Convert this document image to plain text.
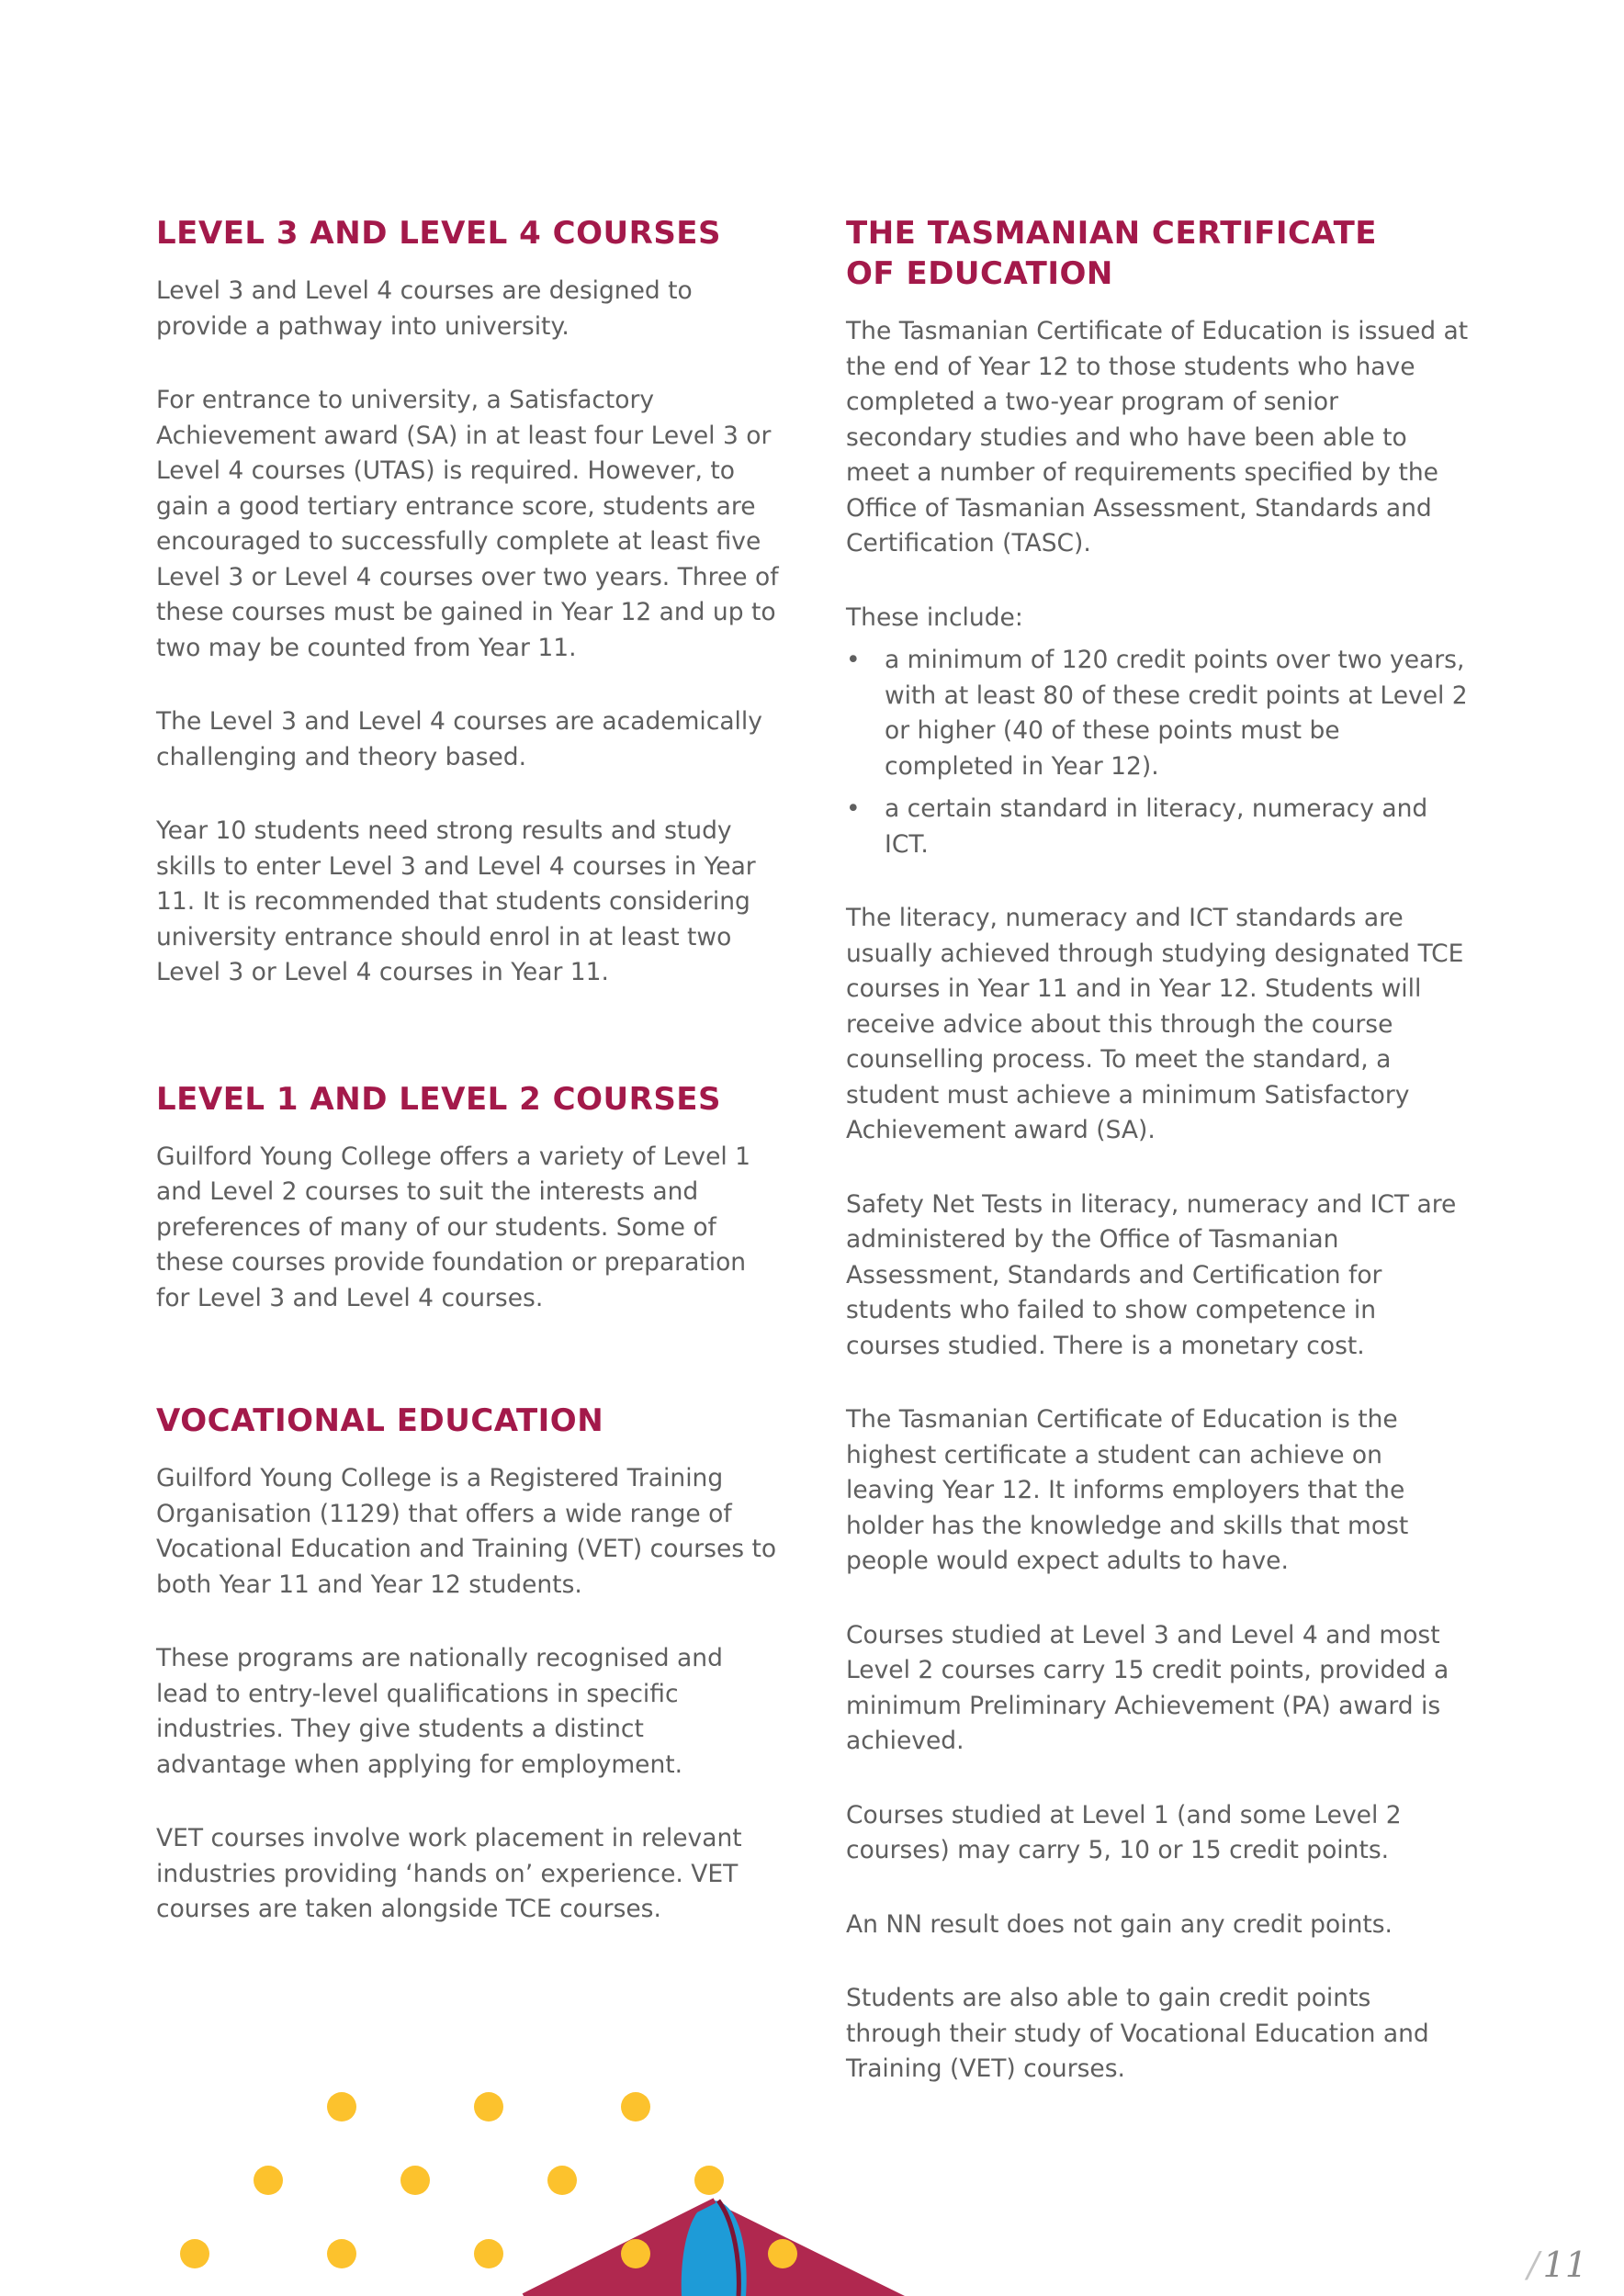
LEVEL 3 AND LEVEL 4 COURSES

Level 3 and Level 4 courses are designed to provide a pathway into university.

For entrance to university, a Satisfactory Achievement award (SA) in at least four Level 3 or Level 4 courses (UTAS) is required. However, to gain a good tertiary entrance score, students are encouraged to successfully complete at least five Level 3 or Level 4 courses over two years. Three of these courses must be gained in Year 12 and up to two may be counted from Year 11.

The Level 3 and Level 4 courses are academically challenging and theory based.

Year 10 students need strong results and study skills to enter Level 3 and Level 4 courses in Year 11. It is recommended that students considering university entrance should enrol in at least two Level 3 or Level 4 courses in Year 11.

LEVEL 1 AND LEVEL 2 COURSES

Guilford Young College offers a variety of Level 1 and Level 2 courses to suit the interests and preferences of many of our students. Some of these courses provide foundation or preparation for Level 3 and Level 4 courses.

VOCATIONAL EDUCATION

Guilford Young College is a Registered Training Organisation (1129) that offers a wide range of Vocational Education and Training (VET) courses to both Year 11 and Year 12 students.

These programs are nationally recognised and lead to entry-level qualifications in specific industries. They give students a distinct advantage when applying for employment.

VET courses involve work placement in relevant industries providing ‘hands on’ experience. VET courses are taken alongside TCE courses.

THE TASMANIAN CERTIFICATE
OF EDUCATION

The Tasmanian Certificate of Education is issued at the end of Year 12 to those students who have completed a two-year program of senior secondary studies and who have been able to meet a number of requirements specified by the Office of Tasmanian Assessment, Standards and Certification (TASC).

These include:

• a minimum of 120 credit points over two years, with at least 80 of these credit points at Level 2 or higher (40 of these points must be completed in Year 12).
• a certain standard in literacy, numeracy and ICT.

The literacy, numeracy and ICT standards are usually achieved through studying designated TCE courses in Year 11 and in Year 12. Students will receive advice about this through the course counselling process. To meet the standard, a student must achieve a minimum Satisfactory Achievement award (SA).

Safety Net Tests in literacy, numeracy and ICT are administered by the Office of Tasmanian Assessment, Standards and Certification for students who failed to show competence in courses studied. There is a monetary cost.

The Tasmanian Certificate of Education is the highest certificate a student can achieve on leaving Year 12. It informs employers that the holder has the knowledge and skills that most people would expect adults to have.

Courses studied at Level 3 and Level 4 and most Level 2 courses carry 15 credit points, provided a minimum Preliminary Achievement (PA) award is achieved.

Courses studied at Level 1 (and some Level 2 courses) may carry 5, 10 or 15 credit points.

An NN result does not gain any credit points.

Students are also able to gain credit points through their study of Vocational Education and Training (VET) courses.

/ 11
